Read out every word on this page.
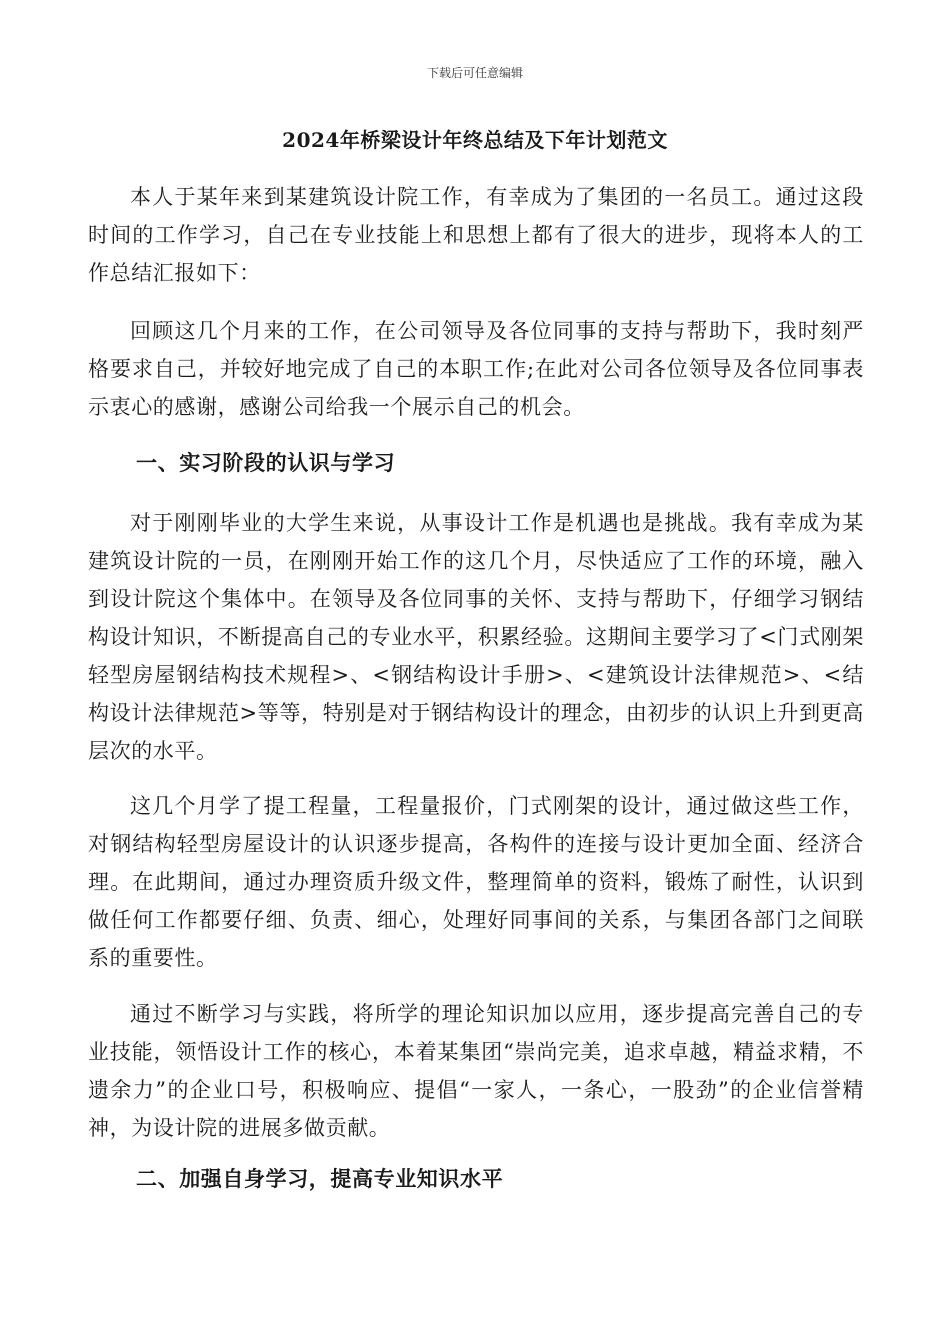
下载后可任意编辑
2024年桥梁设计年终总结及下年计划范文

本人于某年来到某建筑设计院工作，有幸成为了集团的一名员工。通过这段时间的工作学习，自己在专业技能上和思想上都有了很大的进步，现将本人的工作总结汇报如下：

回顾这几个月来的工作，在公司领导及各位同事的支持与帮助下，我时刻严格要求自己，并较好地完成了自己的本职工作;在此对公司各位领导及各位同事表示衷心的感谢，感谢公司给我一个展示自己的机会。

一、实习阶段的认识与学习

对于刚刚毕业的大学生来说，从事设计工作是机遇也是挑战。我有幸成为某建筑设计院的一员，在刚刚开始工作的这几个月，尽快适应了工作的环境，融入到设计院这个集体中。在领导及各位同事的关怀、支持与帮助下，仔细学习钢结构设计知识，不断提高自己的专业水平，积累经验。这期间主要学习了<门式刚架轻型房屋钢结构技术规程>、<钢结构设计手册>、<建筑设计法律规范>、<结构设计法律规范>等等，特别是对于钢结构设计的理念，由初步的认识上升到更高层次的水平。

这几个月学了提工程量，工程量报价，门式刚架的设计，通过做这些工作，对钢结构轻型房屋设计的认识逐步提高，各构件的连接与设计更加全面、经济合理。在此期间，通过办理资质升级文件，整理简单的资料，锻炼了耐性，认识到做任何工作都要仔细、负责、细心，处理好同事间的关系，与集团各部门之间联系的重要性。

通过不断学习与实践，将所学的理论知识加以应用，逐步提高完善自己的专业技能，领悟设计工作的核心，本着某集团“崇尚完美，追求卓越，精益求精，不遗余力”的企业口号，积极响应、提倡“一家人，一条心，一股劲”的企业信誉精神，为设计院的进展多做贡献。

二、加强自身学习，提高专业知识水平
